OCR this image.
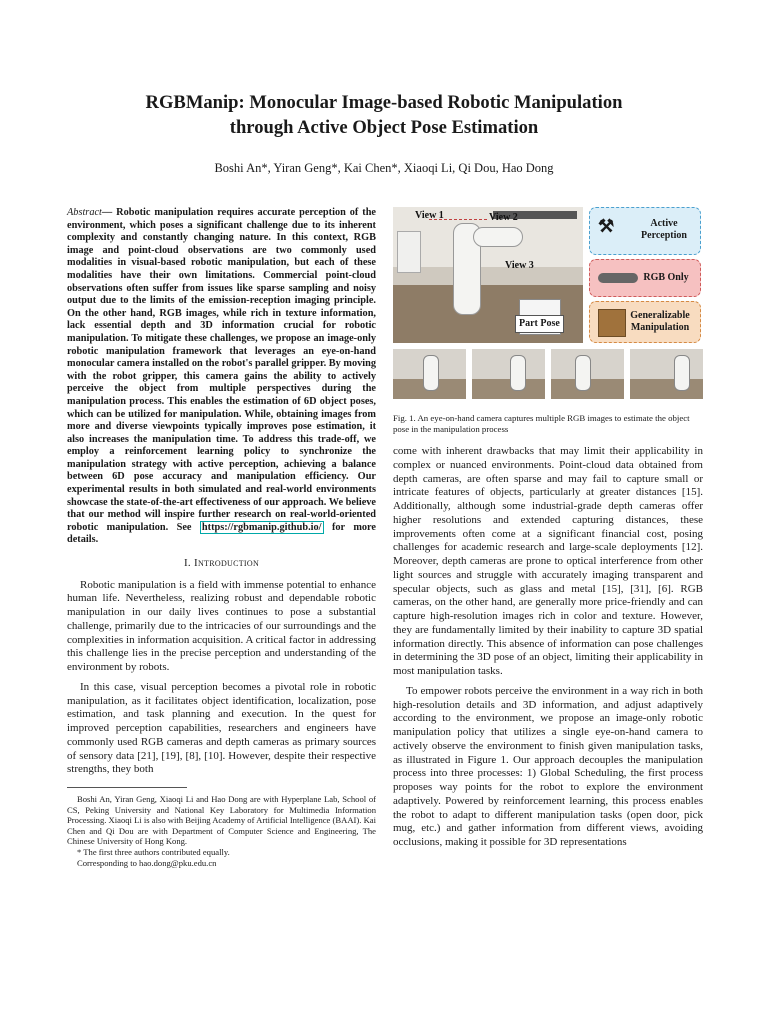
RGBManip: Monocular Image-based Robotic Manipulation
through Active Object Pose Estimation
Boshi An*, Yiran Geng*, Kai Chen*, Xiaoqi Li, Qi Dou, Hao Dong
Abstract— Robotic manipulation requires accurate perception of the environment, which poses a significant challenge due to its inherent complexity and constantly changing nature. In this context, RGB image and point-cloud observations are two commonly used modalities in visual-based robotic manipulation, but each of these modalities have their own limitations. Commercial point-cloud observations often suffer from issues like sparse sampling and noisy output due to the limits of the emission-reception imaging principle. On the other hand, RGB images, while rich in texture information, lack essential depth and 3D information crucial for robotic manipulation. To mitigate these challenges, we propose an image-only robotic manipulation framework that leverages an eye-on-hand monocular camera installed on the robot's parallel gripper. By moving with the robot gripper, this camera gains the ability to actively perceive the object from multiple perspectives during the manipulation process. This enables the estimation of 6D object poses, which can be utilized for manipulation. While, obtaining images from more and diverse viewpoints typically improves pose estimation, it also increases the manipulation time. To address this trade-off, we employ a reinforcement learning policy to synchronize the manipulation strategy with active perception, achieving a balance between 6D pose accuracy and manipulation efficiency. Our experimental results in both simulated and real-world environments showcase the state-of-the-art effectiveness of our approach. We believe that our method will inspire further research on real-world-oriented robotic manipulation. See https://rgbmanip.github.io/ for more details.
I. Introduction

Robotic manipulation is a field with immense potential to enhance human life. Nevertheless, realizing robust and dependable robotic manipulation in our daily lives continues to pose a substantial challenge, primarily due to the intricacies of our surroundings and the complexities in information acquisition. A critical factor in addressing this challenge lies in the precise perception and understanding of the environment by robots.

In this case, visual perception becomes a pivotal role in robotic manipulation, as it facilitates object identification, localization, pose estimation, and task planning and execution. In the quest for improved perception capabilities, researchers and engineers have commonly used RGB cameras and depth cameras as primary sources of sensory data [21], [19], [8], [10]. However, despite their respective strengths, they both

Boshi An, Yiran Geng, Xiaoqi Li and Hao Dong are with Hyperplane Lab, School of CS, Peking University and National Key Laboratory for Multimedia Information Processing. Xiaoqi Li is also with Beijing Academy of Artificial Intelligence (BAAI). Kai Chen and Qi Dou are with Department of Computer Science and Engineering, The Chinese University of Hong Kong.

* The first three authors contributed equally.

Corresponding to hao.dong@pku.edu.cn

View 1	View 2
View 3
Part Pose
⚒	Active Perception
RGB Only
Generalizable Manipulation
Fig. 1. An eye-on-hand camera captures multiple RGB images to estimate the object pose in the manipulation process

come with inherent drawbacks that may limit their applicability in complex or nuanced environments. Point-cloud data obtained from depth cameras, are often sparse and may fail to capture small or intricate features of objects, particularly at greater distances [15]. Additionally, although some industrial-grade depth cameras offer higher resolutions and extended capturing distances, these improvements often come at a significant financial cost, posing challenges for academic research and large-scale deployments [12]. Moreover, depth cameras are prone to optical interference from other light sources and struggle with accurately imaging transparent and specular objects, such as glass and metal [15], [31], [6]. RGB cameras, on the other hand, are generally more price-friendly and can capture high-resolution images rich in color and texture. However, they are fundamentally limited by their inability to capture 3D spatial information directly. This absence of information can pose challenges in determining the 3D pose of an object, limiting their applicability in most manipulation tasks.

To empower robots perceive the environment in a way rich in both high-resolution details and 3D information, and adjust adaptively according to the environment, we propose an image-only robotic manipulation policy that utilizes a single eye-on-hand camera to actively observe the environment to finish given manipulation tasks, as illustrated in Figure 1. Our approach decouples the manipulation process into three processes: 1) Global Scheduling, the first process proposes way points for the robot to explore the environment adaptively. Powered by reinforcement learning, this process enables the robot to adapt to different manipulation tasks (open door, pick mug, etc.) and gather information from different views, avoiding occlusions, making it possible for 3D representations
